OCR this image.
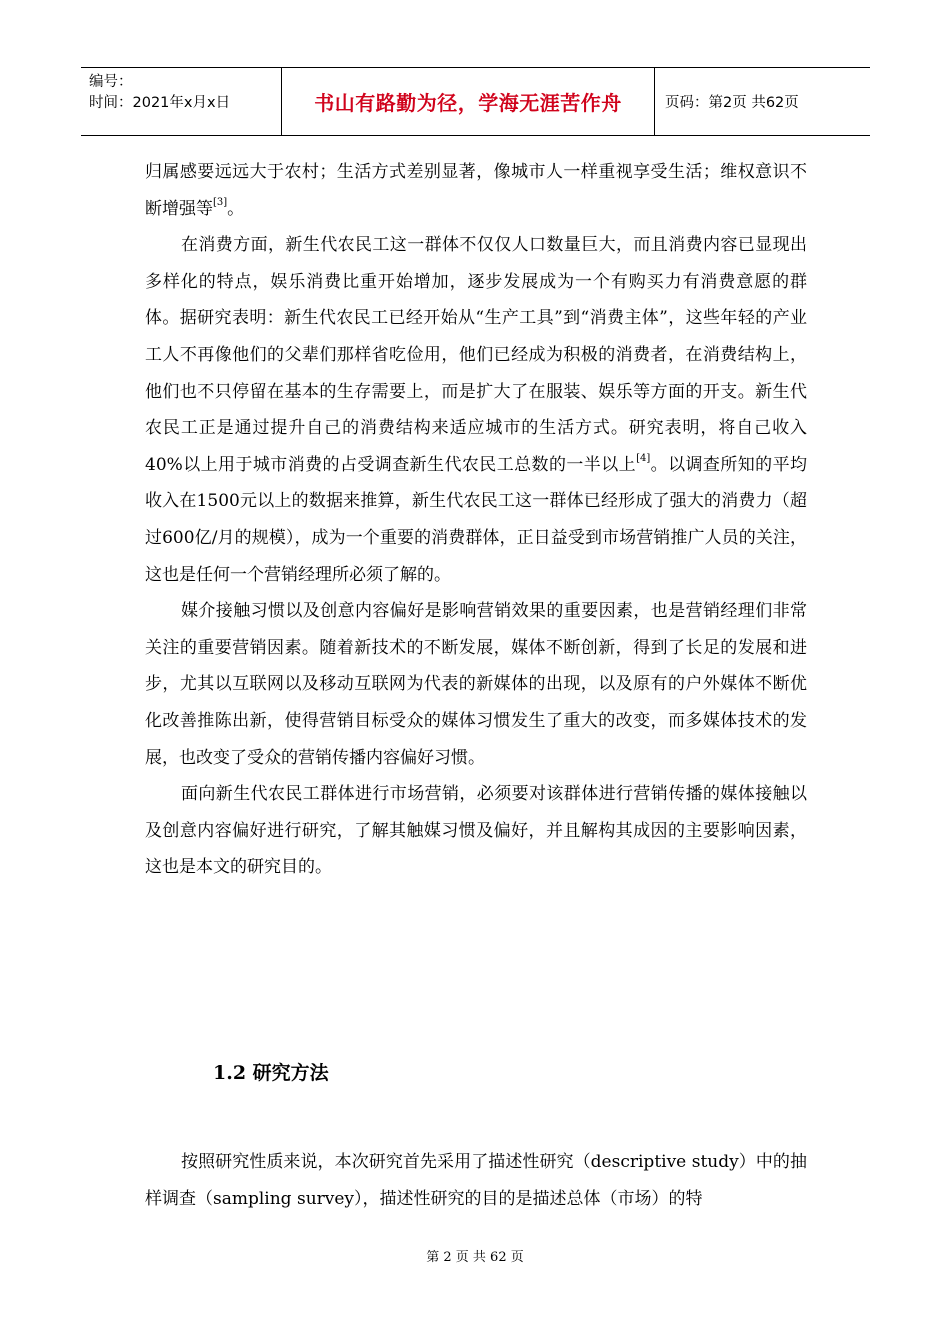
编号：
时间：2021年x月x日	书山有路勤为径，学海无涯苦作舟	页码：第2页 共62页

归属感要远远大于农村；生活方式差别显著，像城市人一样重视享受生活；维权意识不断增强等[3]。

在消费方面，新生代农民工这一群体不仅仅人口数量巨大，而且消费内容已显现出多样化的特点，娱乐消费比重开始增加，逐步发展成为一个有购买力有消费意愿的群体。据研究表明：新生代农民工已经开始从“生产工具”到“消费主体”，这些年轻的产业工人不再像他们的父辈们那样省吃俭用，他们已经成为积极的消费者，在消费结构上，他们也不只停留在基本的生存需要上，而是扩大了在服装、娱乐等方面的开支。新生代农民工正是通过提升自己的消费结构来适应城市的生活方式。研究表明，将自己收入40%以上用于城市消费的占受调查新生代农民工总数的一半以上[4]。以调查所知的平均收入在1500元以上的数据来推算，新生代农民工这一群体已经形成了强大的消费力（超过600亿/月的规模），成为一个重要的消费群体，正日益受到市场营销推广人员的关注，这也是任何一个营销经理所必须了解的。

媒介接触习惯以及创意内容偏好是影响营销效果的重要因素，也是营销经理们非常关注的重要营销因素。随着新技术的不断发展，媒体不断创新，得到了长足的发展和进步，尤其以互联网以及移动互联网为代表的新媒体的出现，以及原有的户外媒体不断优化改善推陈出新，使得营销目标受众的媒体习惯发生了重大的改变，而多媒体技术的发展，也改变了受众的营销传播内容偏好习惯。

面向新生代农民工群体进行市场营销，必须要对该群体进行营销传播的媒体接触以及创意内容偏好进行研究，了解其触媒习惯及偏好，并且解构其成因的主要影响因素，这也是本文的研究目的。

1.2 研究方法

按照研究性质来说，本次研究首先采用了描述性研究（descriptive study）中的抽样调查（sampling survey），描述性研究的目的是描述总体（市场）的特

第 2 页 共 62 页
